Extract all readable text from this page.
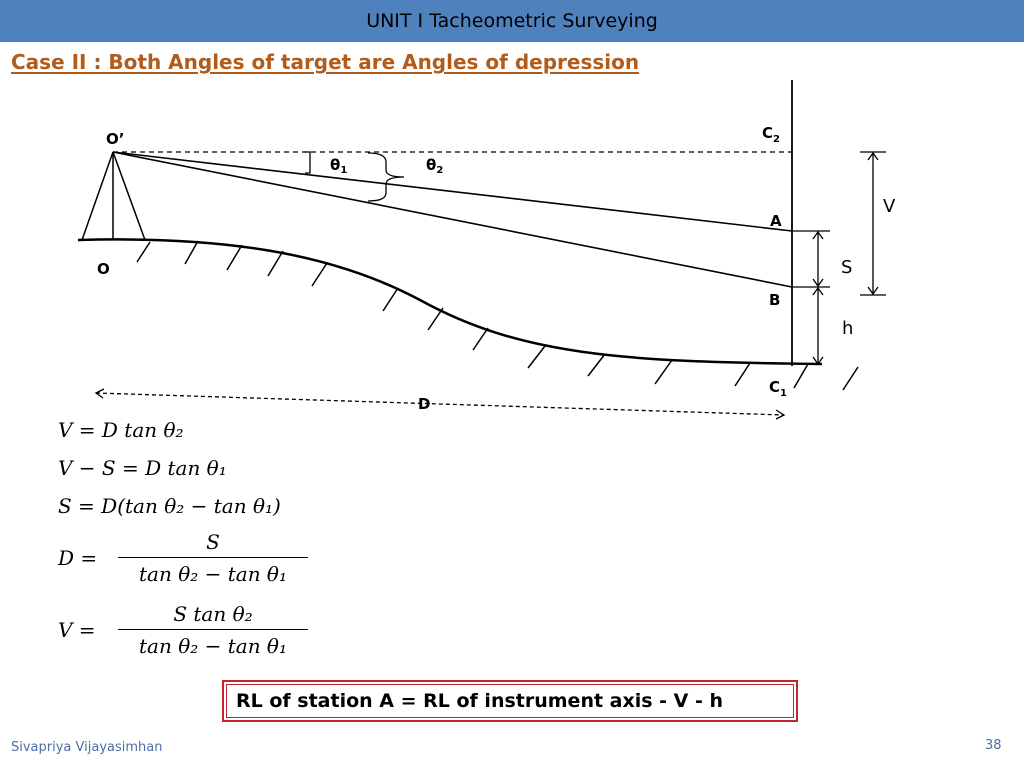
UNIT I Tacheometric Surveying
Case II : Both Angles of target are Angles of depression
O’
O
$\theta_1$	$\theta_2$
$C_2$
A
B
$C_1$
V
S
h
D
V = D tan θ₂
V − S = D tan θ₁
S = D(tan θ₂ − tan θ₁)
$D = \frac{S}{\text{tan θ₂ − tan θ₁}}$
$V = \frac{\text{S tan θ₂}}{\text{tan θ₂ − tan θ₁}}$
RL of station A = RL of instrument axis - V - h
Sivapriya Vijayasimhan	38
